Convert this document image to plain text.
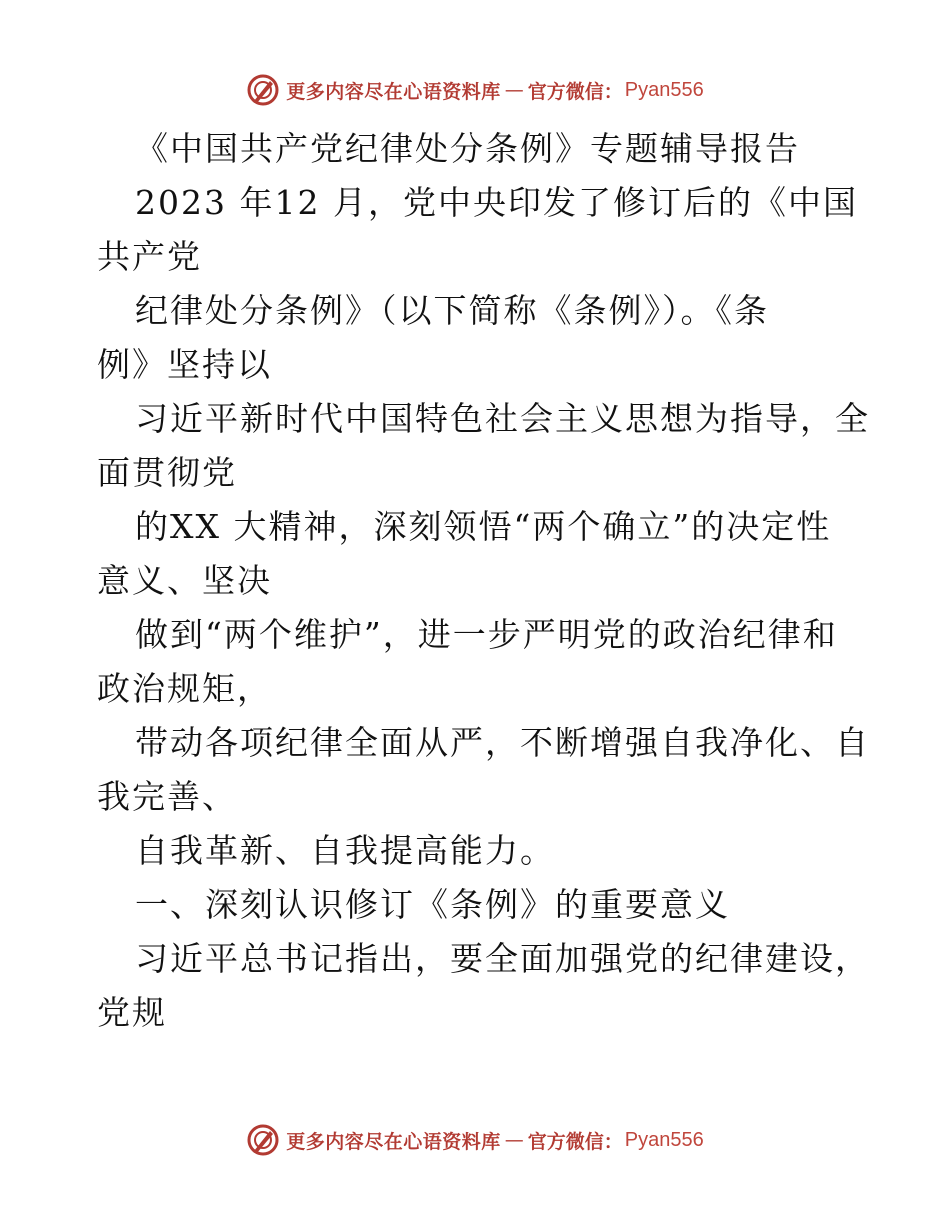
更多内容尽在心语资料库 — 官方微信： Pyan556
《中国共产党纪律处分条例》专题辅导报告
2023 年12 月，党中央印发了修订后的《中国
共产党
纪律处分条例》（以下简称《条例》）。《条
例》坚持以
习近平新时代中国特色社会主义思想为指导，全
面贯彻党
的XX 大精神，深刻领悟“两个确立”的决定性
意义、坚决
做到“两个维护”，进一步严明党的政治纪律和
政治规矩，
带动各项纪律全面从严，不断增强自我净化、自
我完善、
自我革新、自我提高能力。
一、深刻认识修订《条例》的重要意义
习近平总书记指出，要全面加强党的纪律建设，
党规
更多内容尽在心语资料库 — 官方微信： Pyan556
